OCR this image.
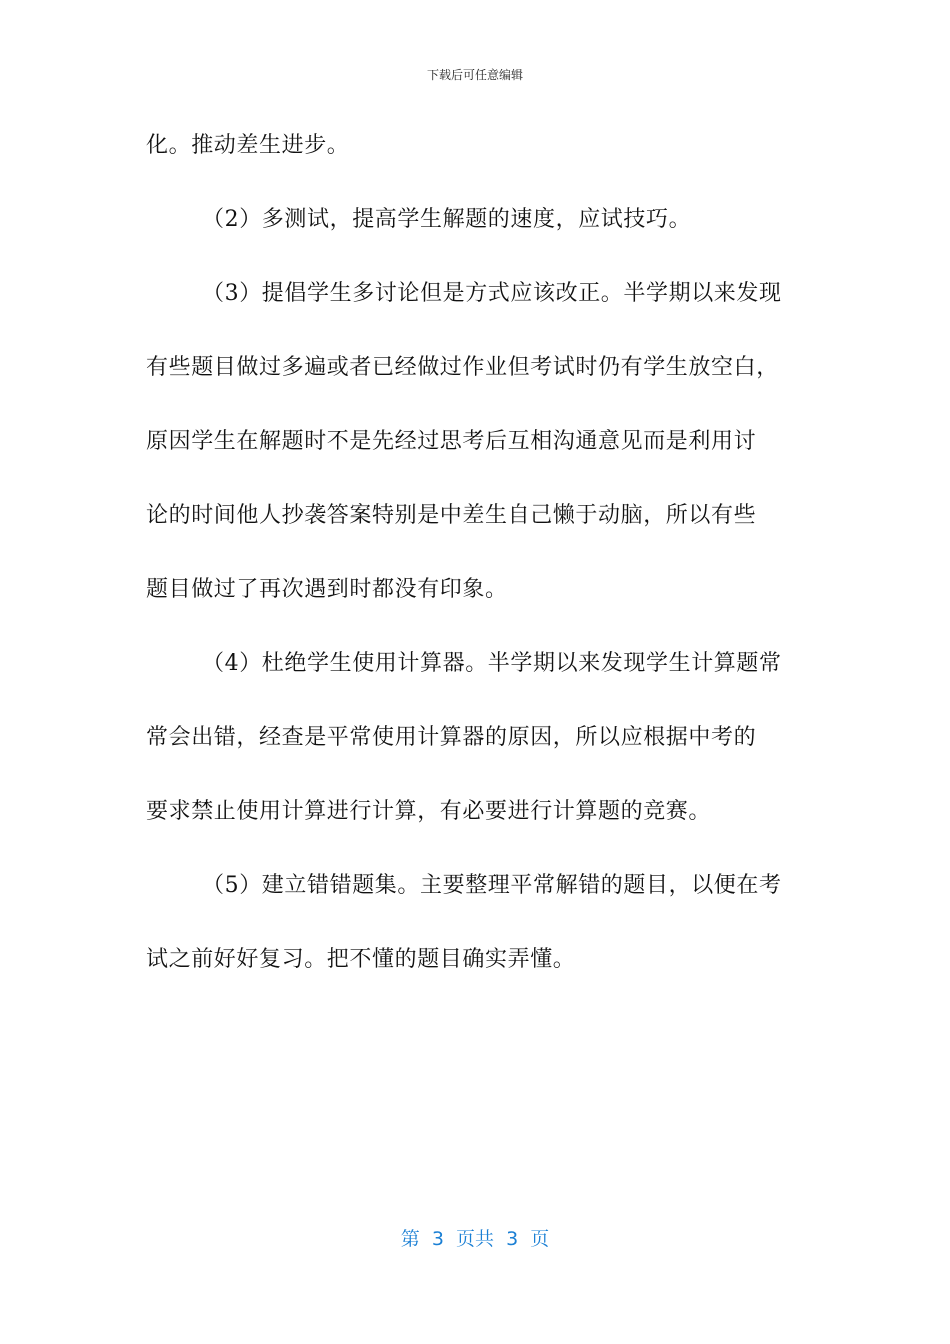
下载后可任意编辑
化。推动差生进步。
（2）多测试，提高学生解题的速度，应试技巧。
（3）提倡学生多讨论但是方式应该改正。半学期以来发现
有些题目做过多遍或者已经做过作业但考试时仍有学生放空白，
原因学生在解题时不是先经过思考后互相沟通意见而是利用讨
论的时间他人抄袭答案特别是中差生自己懒于动脑，所以有些
题目做过了再次遇到时都没有印象。
（4）杜绝学生使用计算器。半学期以来发现学生计算题常
常会出错，经查是平常使用计算器的原因，所以应根据中考的
要求禁止使用计算进行计算，有必要进行计算题的竞赛。
（5）建立错错题集。主要整理平常解错的题目，以便在考
试之前好好复习。把不懂的题目确实弄懂。
第  3  页共  3  页
